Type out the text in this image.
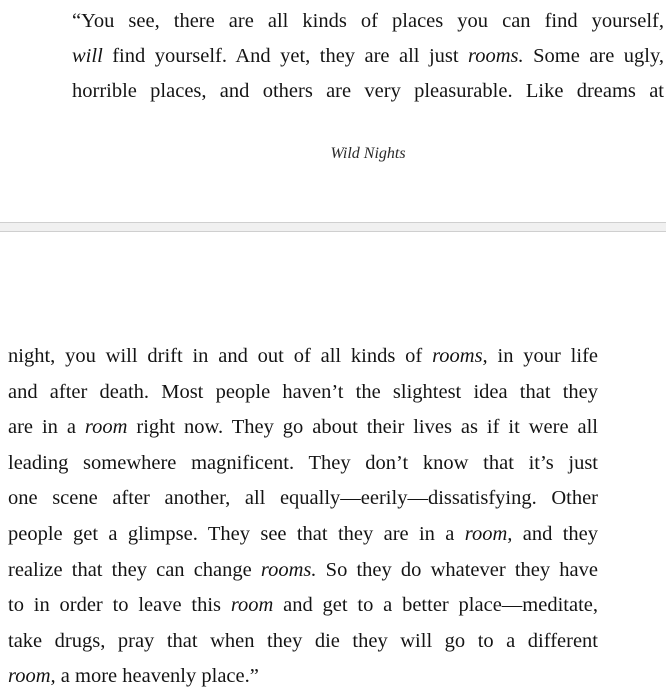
“You see, there are all kinds of places you can find yourself,
will find yourself. And yet, they are all just rooms. Some are ugly,
horrible places, and others are very pleasurable. Like dreams at
Wild Nights
night, you will drift in and out of all kinds of rooms, in your life
and after death. Most people haven’t the slightest idea that they
are in a room right now. They go about their lives as if it were all
leading somewhere magnificent. They don’t know that it’s just
one scene after another, all equally—eerily—dissatisfying. Other
people get a glimpse. They see that they are in a room, and they
realize that they can change rooms. So they do whatever they have
to in order to leave this room and get to a better place—meditate,
take drugs, pray that when they die they will go to a different
room, a more heavenly place.”
